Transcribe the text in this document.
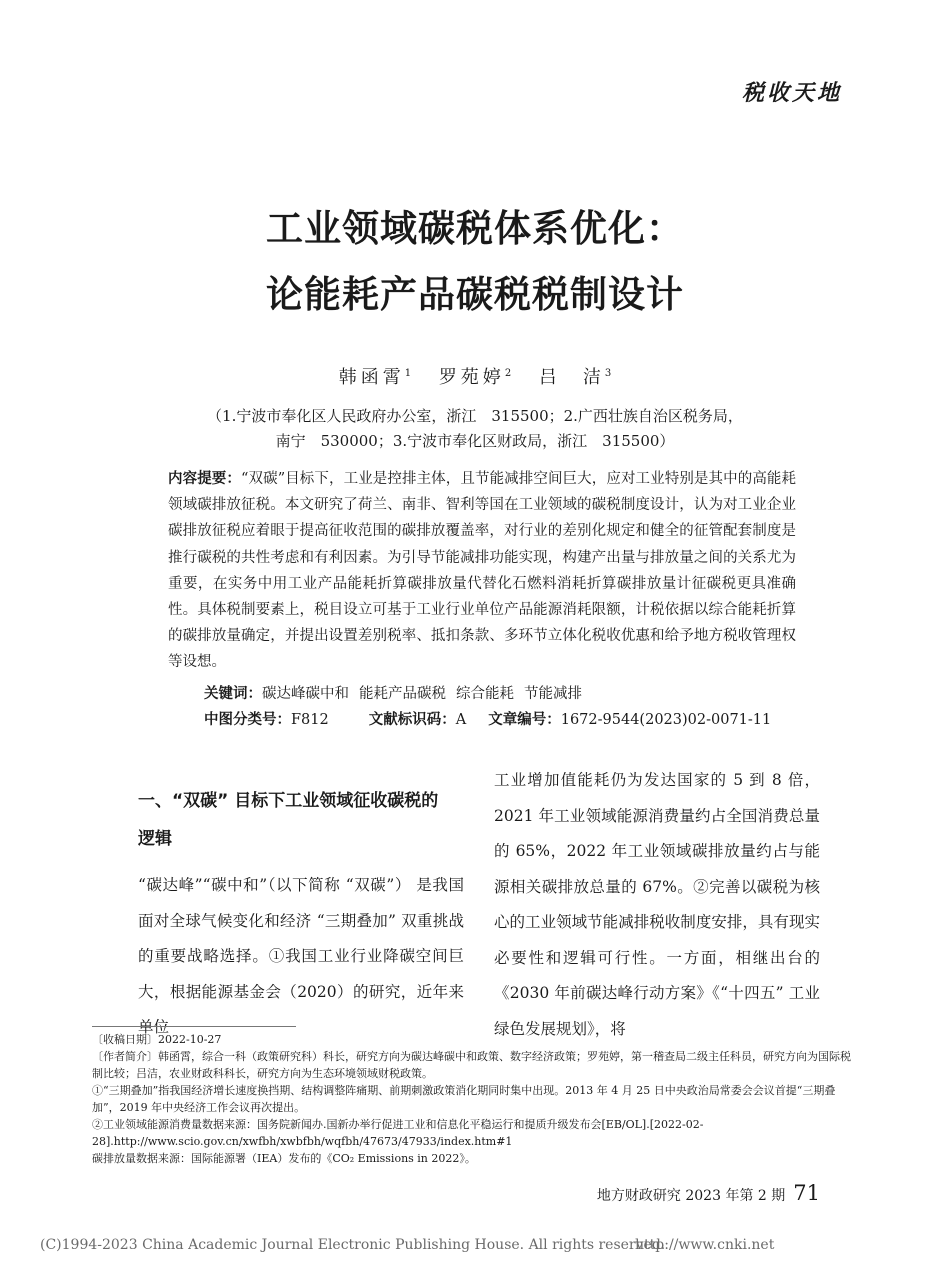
税收天地
工业领域碳税体系优化：
论能耗产品碳税税制设计
韩函霄$^1$ 罗苑婷$^2$ 吕　洁$^3$
（1.宁波市奉化区人民政府办公室，浙江　315500；2.广西壮族自治区税务局，
南宁　530000；3.宁波市奉化区财政局，浙江　315500）
内容提要：“双碳”目标下，工业是控排主体，且节能减排空间巨大，应对工业特别是其中的高能耗领域碳排放征税。本文研究了荷兰、南非、智利等国在工业领域的碳税制度设计，认为对工业企业碳排放征税应着眼于提高征收范围的碳排放覆盖率，对行业的差别化规定和健全的征管配套制度是推行碳税的共性考虑和有利因素。为引导节能减排功能实现，构建产出量与排放量之间的关系尤为重要，在实务中用工业产品能耗折算碳排放量代替化石燃料消耗折算碳排放量计征碳税更具准确性。具体税制要素上，税目设立可基于工业行业单位产品能源消耗限额，计税依据以综合能耗折算的碳排放量确定，并提出设置差别税率、抵扣条款、多环节立体化税收优惠和给予地方税收管理权等设想。
关键词：碳达峰碳中和 能耗产品碳税 综合能耗 节能减排
中图分类号：F812	文献标识码：A 文章编号：1672-9544(2023)02-0071-11
一、“双碳” 目标下工业领域征收碳税的
逻辑
“碳达峰”“碳中和”（以下简称 “双碳”） 是我国面对全球气候变化和经济 “三期叠加” 双重挑战的重要战略选择。①我国工业行业降碳空间巨大，根据能源基金会（2020）的研究，近年来单位
工业增加值能耗仍为发达国家的 5 到 8 倍，2021 年工业领域能源消费量约占全国消费总量的 65%，2022 年工业领域碳排放量约占与能源相关碳排放总量的 67%。②完善以碳税为核心的工业领域节能减排税收制度安排，具有现实必要性和逻辑可行性。一方面，相继出台的《2030 年前碳达峰行动方案》《“十四五” 工业绿色发展规划》，将
〔收稿日期〕2022-10-27
〔作者简介〕韩函霄，综合一科（政策研究科）科长，研究方向为碳达峰碳中和政策、数字经济政策；罗苑婷，第一稽查局二级主任科员，研究方向为国际税制比较；吕洁，农业财政科科长，研究方向为生态环境领域财税政策。
①“三期叠加”指我国经济增长速度换挡期、结构调整阵痛期、前期刺激政策消化期同时集中出现。2013 年 4 月 25 日中央政治局常委会会议首提“三期叠加”，2019 年中央经济工作会议再次提出。
②工业领域能源消费量数据来源：国务院新闻办.国新办举行促进工业和信息化平稳运行和提质升级发布会[EB/OL].[2022-02-28].http://www.scio.gov.cn/xwfbh/xwbfbh/wqfbh/47673/47933/index.htm#1
碳排放量数据来源：国际能源署（IEA）发布的《CO₂ Emissions in 2022》。
地方财政研究 2023 年第 2 期 71
(C)1994-2023 China Academic Journal Electronic Publishing House. All rights reserved.
http://www.cnki.net
